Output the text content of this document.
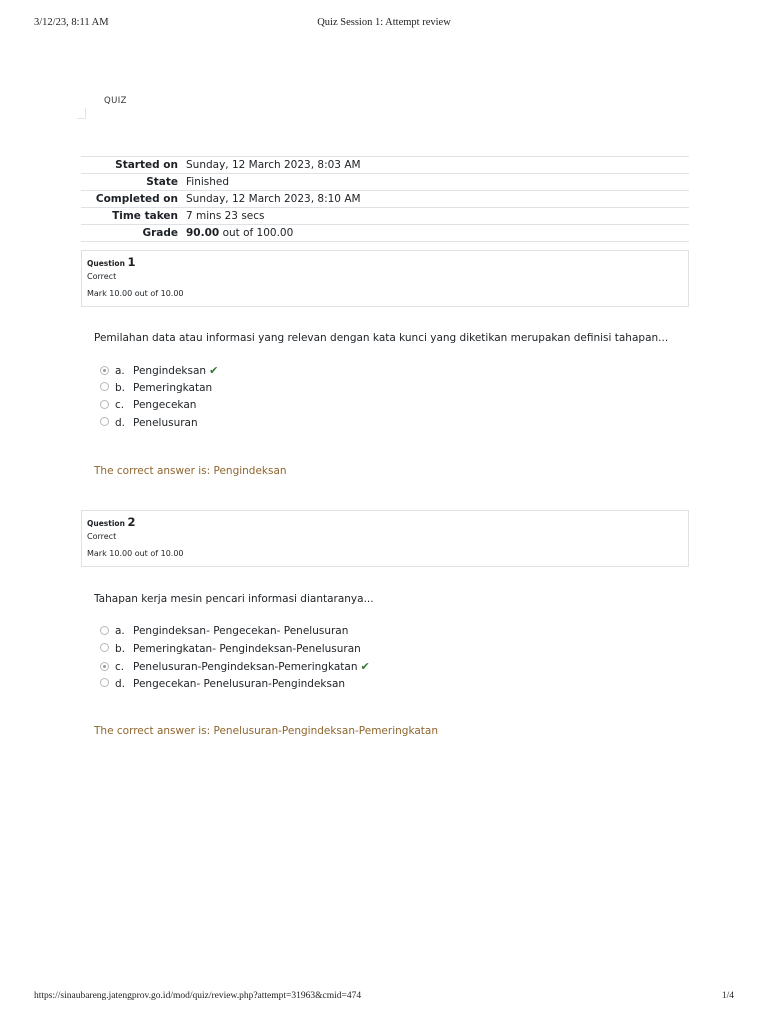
3/12/23, 8:11 AM	Quiz Session 1: Attempt review
QUIZ
Started on	Sunday, 12 March 2023, 8:03 AM
State	Finished
Completed on	Sunday, 12 March 2023, 8:10 AM
Time taken	7 mins 23 secs
Grade	90.00 out of 100.00
Question 1
Correct
Mark 10.00 out of 10.00
Pemilahan data atau informasi yang relevan dengan kata kunci yang diketikan merupakan definisi tahapan...
a. Pengindeksan ✔
b. Pemeringkatan
c. Pengecekan
d. Penelusuran
The correct answer is: Pengindeksan
Question 2
Correct
Mark 10.00 out of 10.00
Tahapan kerja mesin pencari informasi diantaranya...
a. Pengindeksan- Pengecekan- Penelusuran
b. Pemeringkatan- Pengindeksan-Penelusuran
c. Penelusuran-Pengindeksan-Pemeringkatan ✔
d. Pengecekan- Penelusuran-Pengindeksan
The correct answer is: Penelusuran-Pengindeksan-Pemeringkatan
https://sinaubareng.jatengprov.go.id/mod/quiz/review.php?attempt=31963&cmid=474	1/4
